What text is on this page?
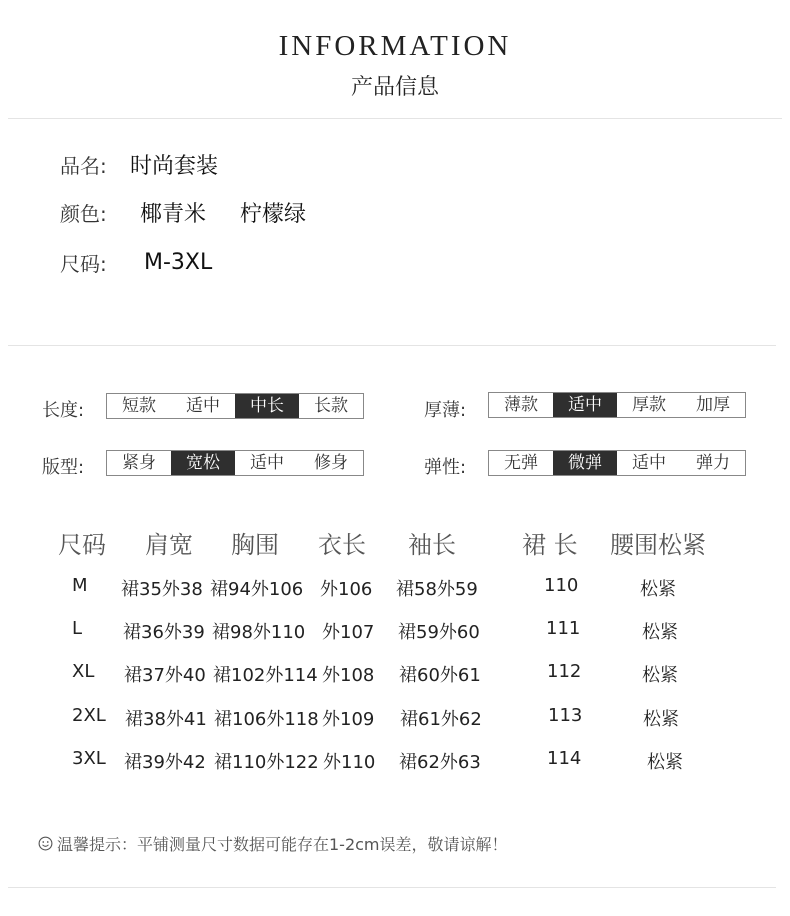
INFORMATION
产品信息
品名:	时尚套装
颜色:	椰青米 柠檬绿
尺码:	M-3XL
长度:	短款	适中	中长	长款	厚薄:	薄款	适中	厚款	加厚
版型:	紧身	宽松	适中	修身	弹性:	无弹	微弹	适中	弹力
尺码 肩宽 胸围 衣长 袖长	裙 长 腰围松紧
M 裙35外38 裙94外106 外106 裙58外59	110	松紧
L 裙36外39 裙98外110 外107 裙59外60	111	松紧
XL 裙37外40 裙102外114 外108 裙60外61	112	松紧
2XL 裙38外41 裙106外118 外109 裙61外62	113	松紧
3XL 裙39外42 裙110外122 外110 裙62外63	114	松紧
温馨提示：平铺测量尺寸数据可能存在1-2cm误差，敬请谅解！
